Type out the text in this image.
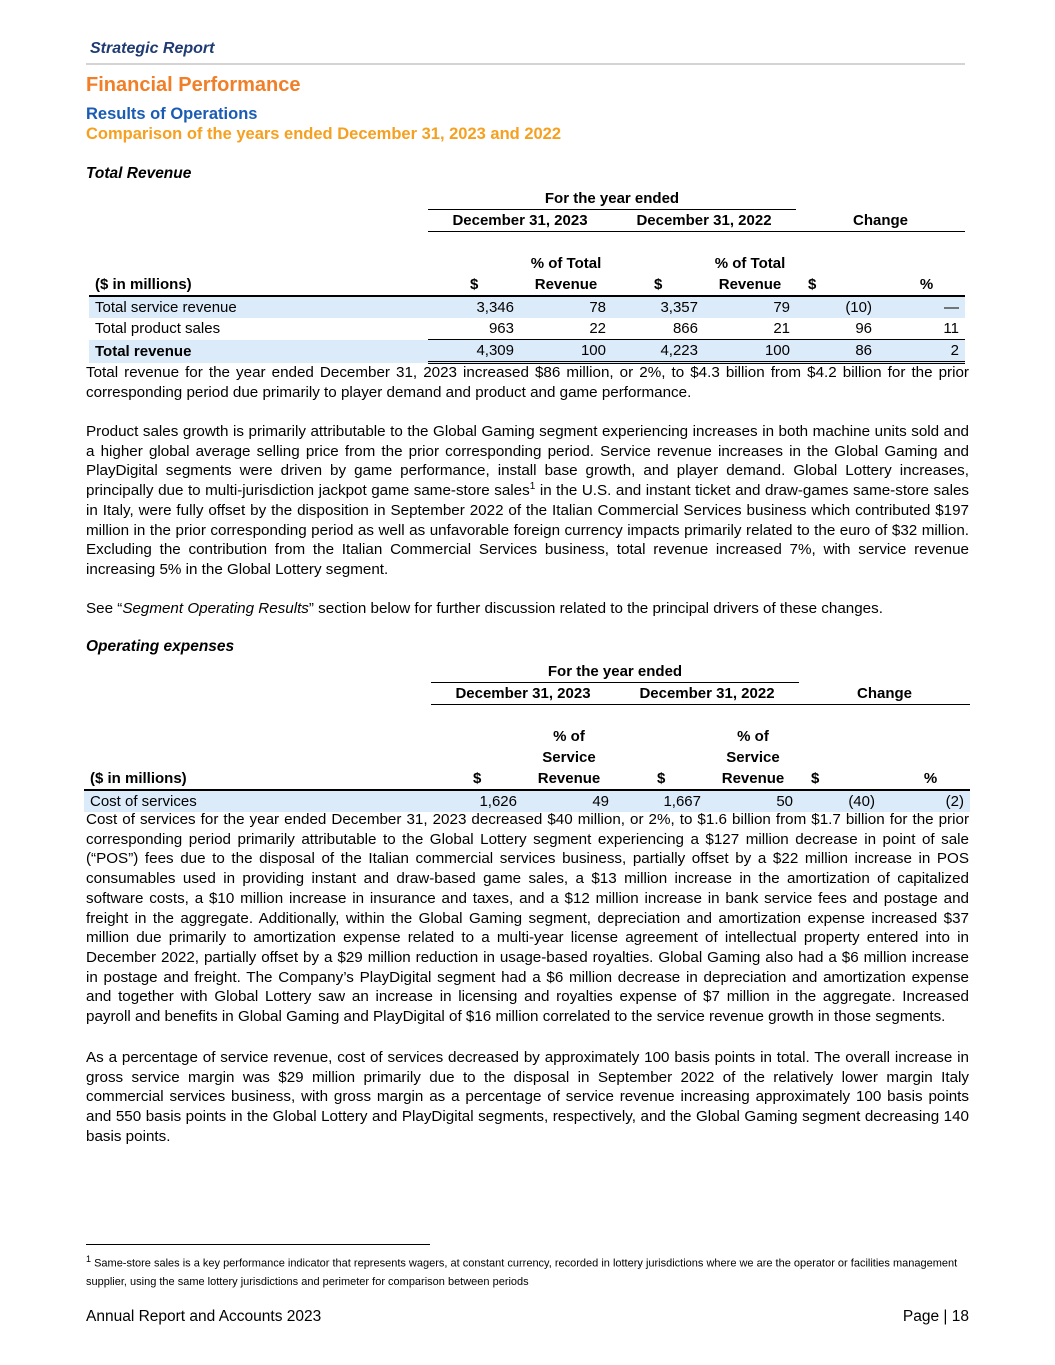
Strategic Report
Financial Performance
Results of Operations
Comparison of the years ended December 31, 2023 and 2022
Total Revenue
	For the year ended					
	December 31, 2023		December 31, 2022		Change	

		% of Total		% of Total		
($ in millions)	$	Revenue	$	Revenue	$	%
Total service revenue	3,346	78	3,357	79	(10)	—
Total product sales	963	22	866	21	96	11
Total revenue	4,309	100	4,223	100	86	2

Total revenue for the year ended December 31, 2023 increased $86 million, or 2%, to $4.3 billion from $4.2 billion for the prior corresponding period due primarily to player demand and product and game performance.

Product sales growth is primarily attributable to the Global Gaming segment experiencing increases in both machine units sold and a higher global average selling price from the prior corresponding period. Service revenue increases in the Global Gaming and PlayDigital segments were driven by game performance, install base growth, and player demand. Global Lottery increases, principally due to multi-jurisdiction jackpot game same-store sales$^1$ in the U.S. and instant ticket and draw-games same-store sales in Italy, were fully offset by the disposition in September 2022 of the Italian Commercial Services business which contributed $197 million in the prior corresponding period as well as unfavorable foreign currency impacts primarily related to the euro of $32 million. Excluding the contribution from the Italian Commercial Services business, total revenue increased 7%, with service revenue increasing 5% in the Global Lottery segment.

See “Segment Operating Results” section below for further discussion related to the principal drivers of these changes.

Operating expenses
	For the year ended					
	December 31, 2023		December 31, 2022		Change	

		% of		% of		
		Service		Service		
($ in millions)	$	Revenue	$	Revenue	$	%
Cost of services	1,626	49	1,667	50	(40)	(2)

Cost of services for the year ended December 31, 2023 decreased $40 million, or 2%, to $1.6 billion from $1.7 billion for the prior corresponding period primarily attributable to the Global Lottery segment experiencing a $127 million decrease in point of sale (“POS”) fees due to the disposal of the Italian commercial services business, partially offset by a $22 million increase in POS consumables used in providing instant and draw-based game sales, a $13 million increase in the amortization of capitalized software costs, a $10 million increase in insurance and taxes, and a $12 million increase in bank service fees and postage and freight in the aggregate. Additionally, within the Global Gaming segment, depreciation and amortization expense increased $37 million due primarily to amortization expense related to a multi-year license agreement of intellectual property entered into in December 2022, partially offset by a $29 million reduction in usage-based royalties. Global Gaming also had a $6 million increase in postage and freight. The Company’s PlayDigital segment had a $6 million decrease in depreciation and amortization expense and together with Global Lottery saw an increase in licensing and royalties expense of $7 million in the aggregate. Increased payroll and benefits in Global Gaming and PlayDigital of $16 million correlated to the service revenue growth in those segments.

As a percentage of service revenue, cost of services decreased by approximately 100 basis points in total. The overall increase in gross service margin was $29 million primarily due to the disposal in September 2022 of the relatively lower margin Italy commercial services business, with gross margin as a percentage of service revenue increasing approximately 100 basis points and 550 basis points in the Global Lottery and PlayDigital segments, respectively, and the Global Gaming segment decreasing 140 basis points.

$^1$ Same-store sales is a key performance indicator that represents wagers, at constant currency, recorded in lottery jurisdictions where we are the operator or facilities management supplier, using the same lottery jurisdictions and perimeter for comparison between periods
Annual Report and Accounts 2023	Page | 18
